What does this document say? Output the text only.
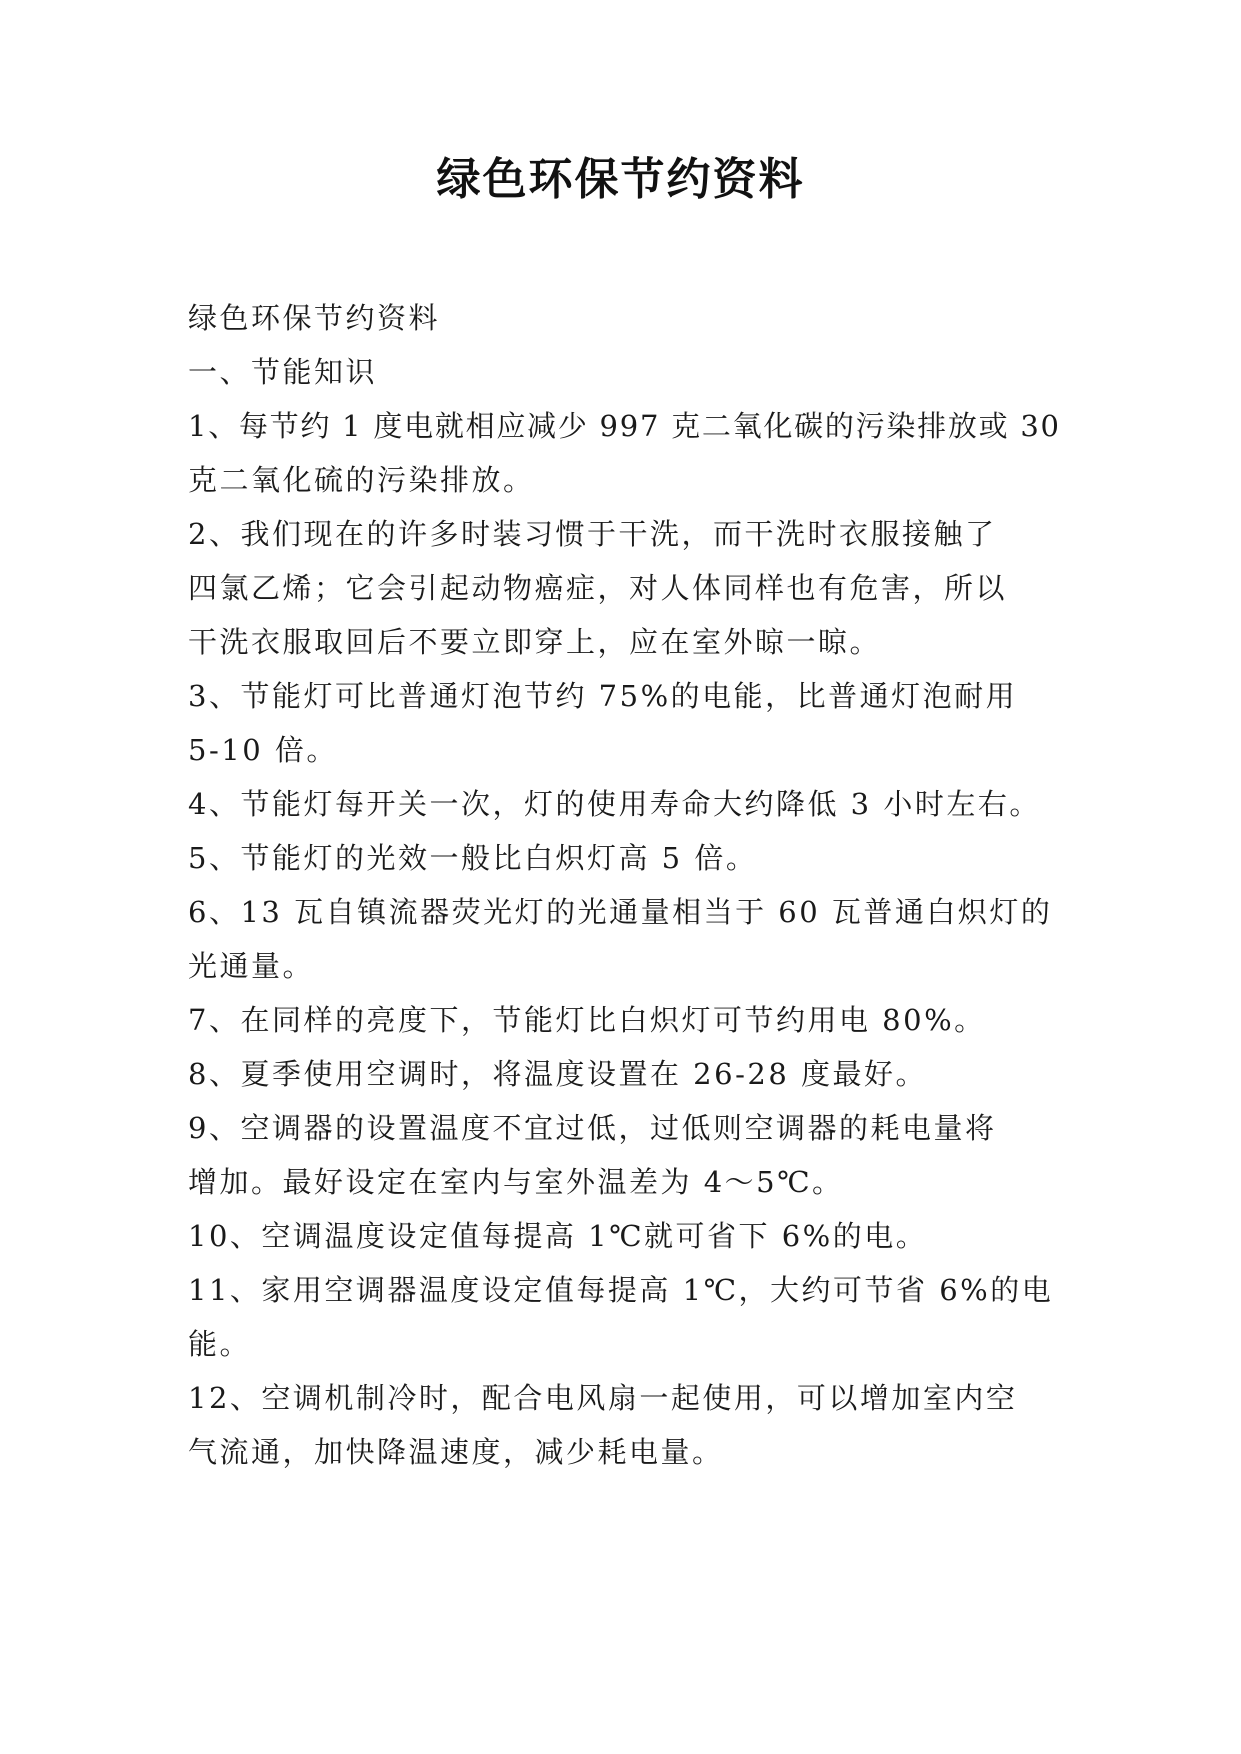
绿色环保节约资料
绿色环保节约资料
一、节能知识
1、每节约 1 度电就相应减少 997 克二氧化碳的污染排放或 30
克二氧化硫的污染排放。
2、我们现在的许多时装习惯于干洗，而干洗时衣服接触了
四氯乙烯；它会引起动物癌症，对人体同样也有危害，所以
干洗衣服取回后不要立即穿上，应在室外晾一晾。
3、节能灯可比普通灯泡节约 75%的电能，比普通灯泡耐用
5-10 倍。
4、节能灯每开关一次，灯的使用寿命大约降低 3 小时左右。
5、节能灯的光效一般比白炽灯高 5 倍。
6、13 瓦自镇流器荧光灯的光通量相当于 60 瓦普通白炽灯的
光通量。
7、在同样的亮度下，节能灯比白炽灯可节约用电 80%。
8、夏季使用空调时，将温度设置在 26-28 度最好。
9、空调器的设置温度不宜过低，过低则空调器的耗电量将
增加。最好设定在室内与室外温差为 4～5℃。
10、空调温度设定值每提高 1℃就可省下 6%的电。
11、家用空调器温度设定值每提高 1℃，大约可节省 6%的电
能。
12、空调机制冷时，配合电风扇一起使用，可以增加室内空
气流通，加快降温速度，减少耗电量。
